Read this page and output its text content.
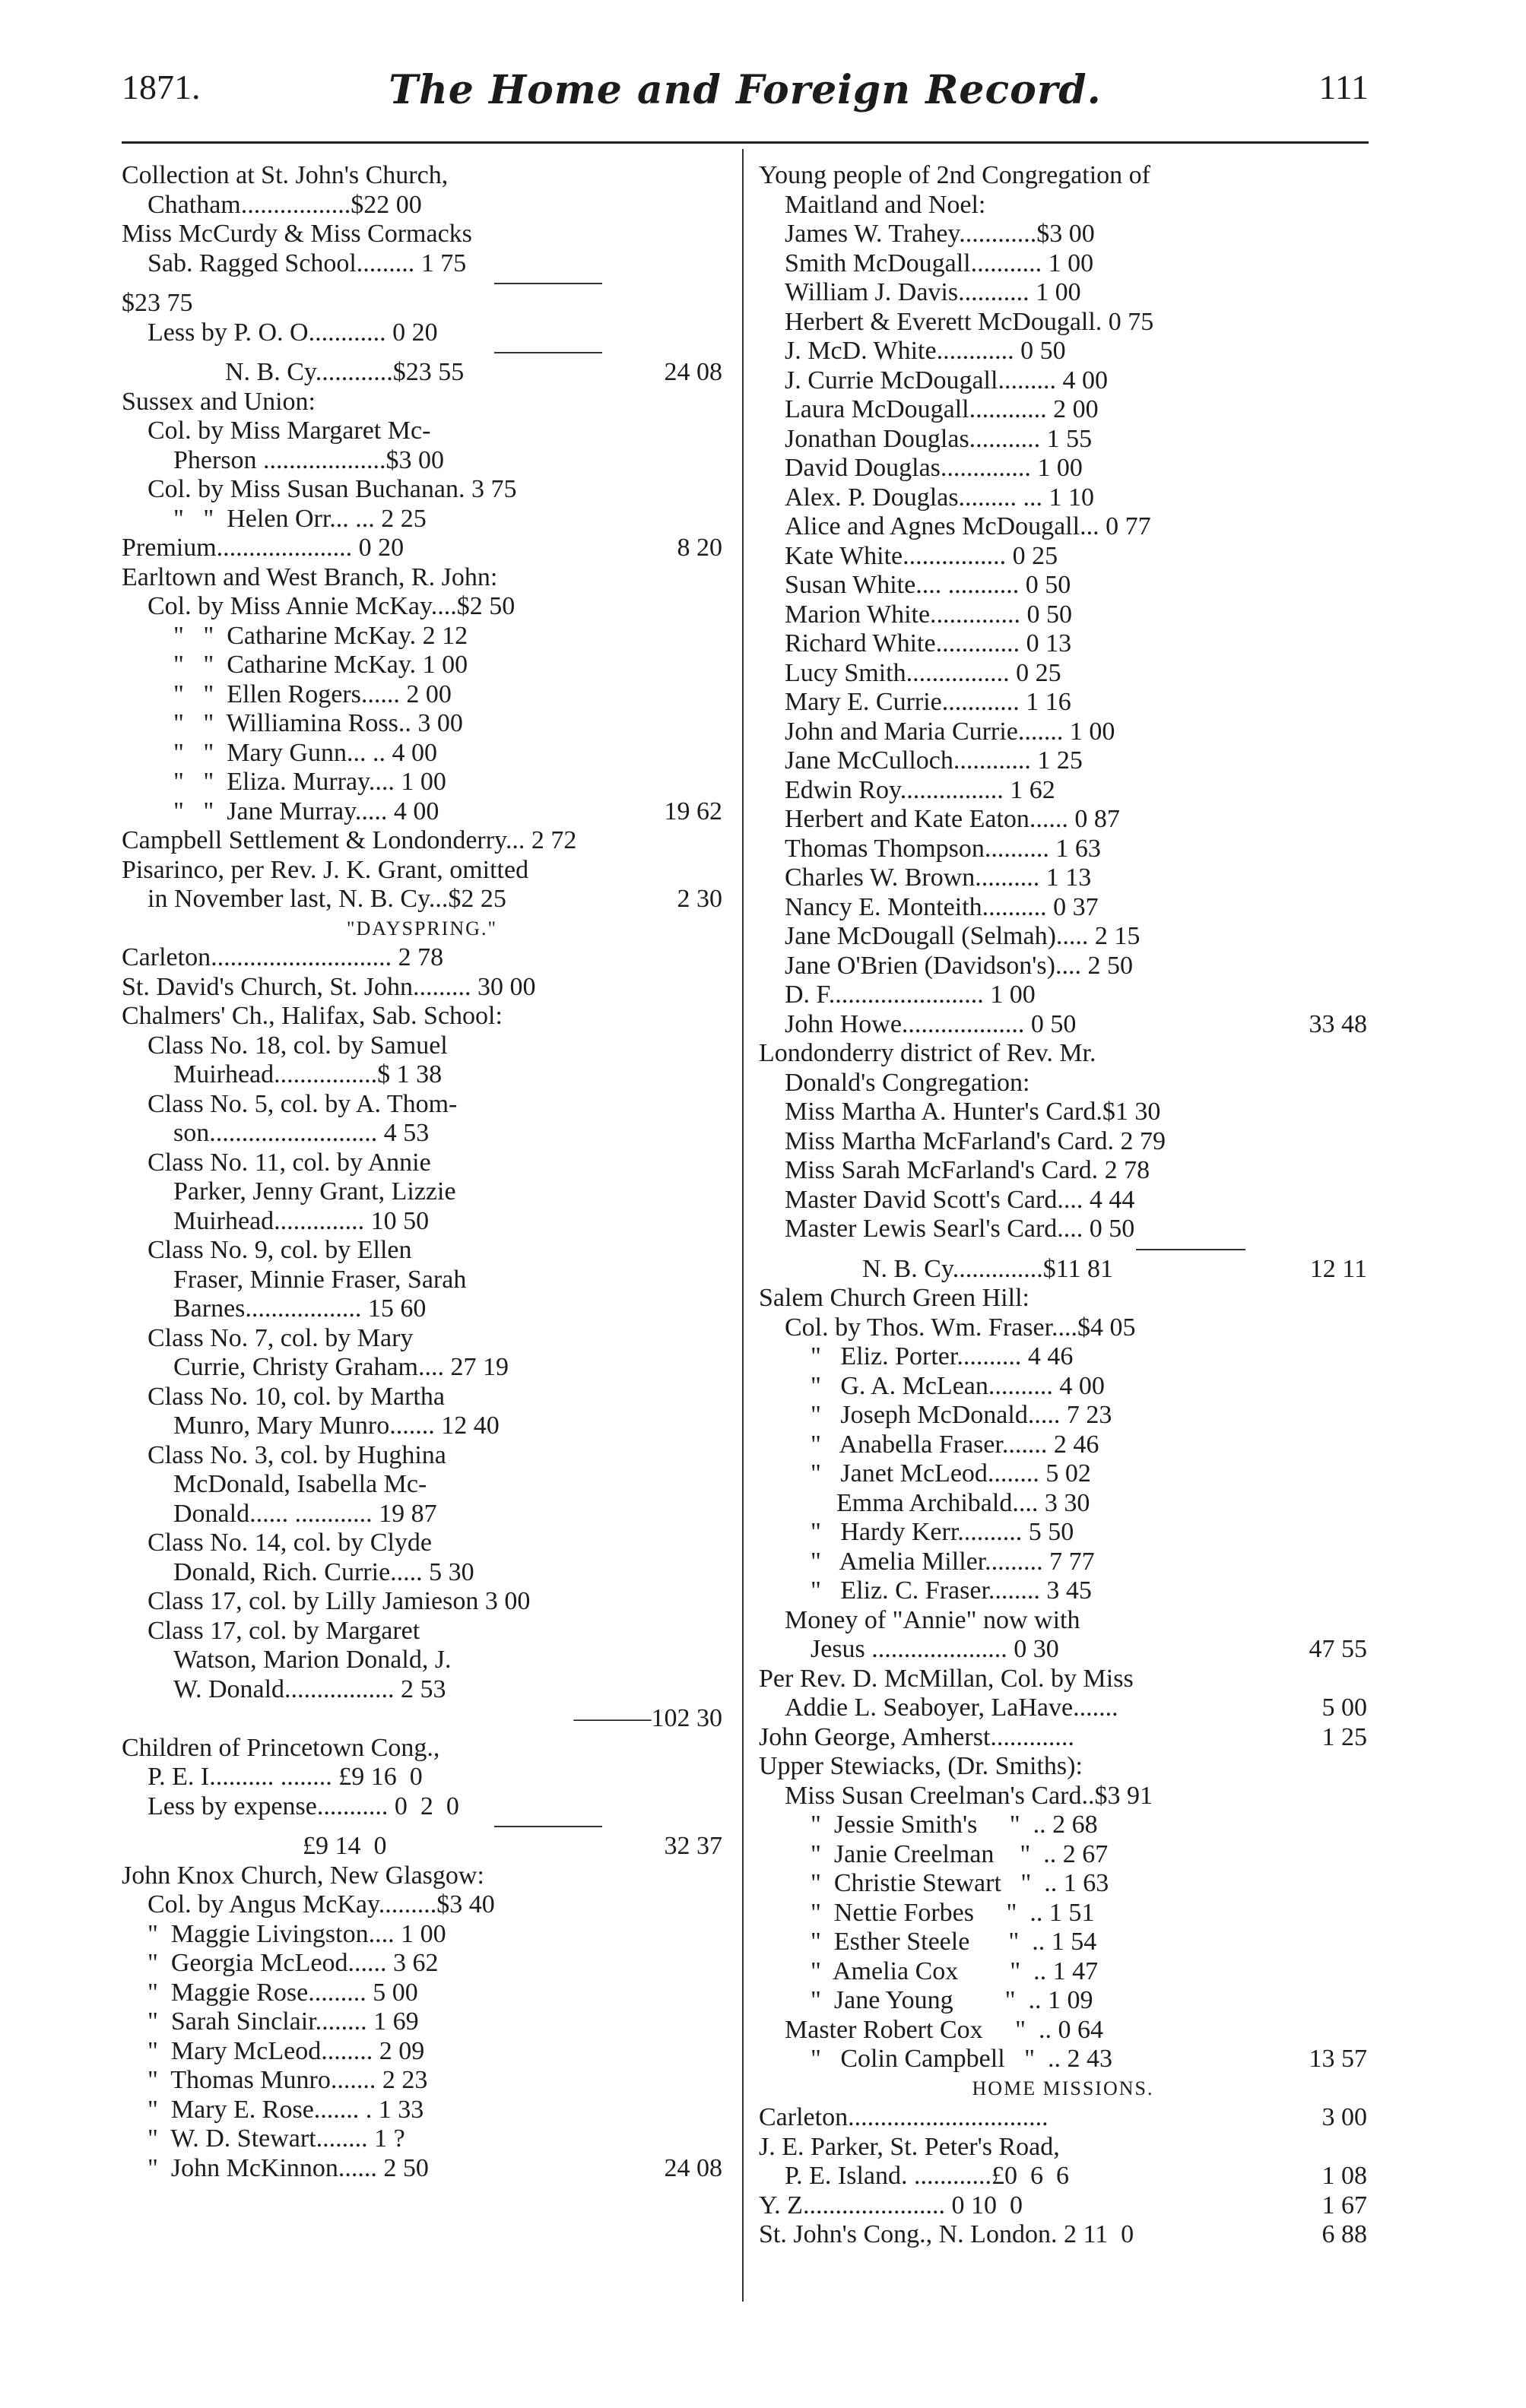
1871.	The Home and Foreign Record.	111
Collection at St. John's Church,
Chatham.................$22 00
Miss McCurdy & Miss Cormacks
Sab. Ragged School......... 1 75
$23 75
Less by P. O. O............ 0 20
N. B. Cy............$23 55	24 08
Sussex and Union:
Col. by Miss Margaret Mc-
Pherson ...................$3 00
Col. by Miss Susan Buchanan. 3 75
"   "  Helen Orr... ... 2 25
Premium..................... 0 20	8 20
Earltown and West Branch, R. John:
Col. by Miss Annie McKay....$2 50
"   "  Catharine McKay. 2 12
"   "  Catharine McKay. 1 00
"   "  Ellen Rogers...... 2 00
"   "  Williamina Ross.. 3 00
"   "  Mary Gunn... .. 4 00
"   "  Eliza. Murray.... 1 00
"   "  Jane Murray..... 4 00	19 62
Campbell Settlement & Londonderry... 2 72
Pisarinco, per Rev. J. K. Grant, omitted
in November last, N. B. Cy...$2 25	2 30
"DAYSPRING."
Carleton............................ 2 78
St. David's Church, St. John......... 30 00
Chalmers' Ch., Halifax, Sab. School:
Class No. 18, col. by Samuel
Muirhead................$ 1 38
Class No. 5, col. by A. Thom-
son.......................... 4 53
Class No. 11, col. by Annie
Parker, Jenny Grant, Lizzie
Muirhead.............. 10 50
Class No. 9, col. by Ellen
Fraser, Minnie Fraser, Sarah
Barnes.................. 15 60
Class No. 7, col. by Mary
Currie, Christy Graham.... 27 19
Class No. 10, col. by Martha
Munro, Mary Munro....... 12 40
Class No. 3, col. by Hughina
McDonald, Isabella Mc-
Donald...... ............ 19 87
Class No. 14, col. by Clyde
Donald, Rich. Currie..... 5 30
Class 17, col. by Lilly Jamieson 3 00
Class 17, col. by Margaret
Watson, Marion Donald, J.
W. Donald................. 2 53
———102 30
Children of Princetown Cong.,
P. E. I.......... ........ £9 16  0
Less by expense........... 0  2  0
£9 14  0	32 37
John Knox Church, New Glasgow:
Col. by Angus McKay.........$3 40
"  Maggie Livingston.... 1 00
"  Georgia McLeod...... 3 62
"  Maggie Rose......... 5 00
"  Sarah Sinclair........ 1 69
"  Mary McLeod........ 2 09
"  Thomas Munro....... 2 23
"  Mary E. Rose....... . 1 33
"  W. D. Stewart........ 1 ?
"  John McKinnon...... 2 50	24 08
Young people of 2nd Congregation of
Maitland and Noel:
James W. Trahey............$3 00
Smith McDougall........... 1 00
William J. Davis........... 1 00
Herbert & Everett McDougall. 0 75
J. McD. White............ 0 50
J. Currie McDougall......... 4 00
Laura McDougall............ 2 00
Jonathan Douglas........... 1 55
David Douglas.............. 1 00
Alex. P. Douglas......... ... 1 10
Alice and Agnes McDougall... 0 77
Kate White................ 0 25
Susan White.... ........... 0 50
Marion White.............. 0 50
Richard White............. 0 13
Lucy Smith................ 0 25
Mary E. Currie............ 1 16
John and Maria Currie....... 1 00
Jane McCulloch............ 1 25
Edwin Roy................ 1 62
Herbert and Kate Eaton...... 0 87
Thomas Thompson.......... 1 63
Charles W. Brown.......... 1 13
Nancy E. Monteith.......... 0 37
Jane McDougall (Selmah)..... 2 15
Jane O'Brien (Davidson's).... 2 50
D. F........................ 1 00
John Howe................... 0 50	33 48
Londonderry district of Rev. Mr.
Donald's Congregation:
Miss Martha A. Hunter's Card.$1 30
Miss Martha McFarland's Card. 2 79
Miss Sarah McFarland's Card. 2 78
Master David Scott's Card.... 4 44
Master Lewis Searl's Card.... 0 50
N. B. Cy..............$11 81	12 11
Salem Church Green Hill:
Col. by Thos. Wm. Fraser....$4 05
"   Eliz. Porter.......... 4 46
"   G. A. McLean.......... 4 00
"   Joseph McDonald..... 7 23
"   Anabella Fraser....... 2 46
"   Janet McLeod........ 5 02
Emma Archibald.... 3 30
"   Hardy Kerr.......... 5 50
"   Amelia Miller......... 7 77
"   Eliz. C. Fraser........ 3 45
Money of "Annie" now with
Jesus ..................... 0 30	47 55
Per Rev. D. McMillan, Col. by Miss
Addie L. Seaboyer, LaHave.......	5 00
John George, Amherst.............	1 25
Upper Stewiacks, (Dr. Smiths):
Miss Susan Creelman's Card..$3 91
"  Jessie Smith's     "  .. 2 68
"  Janie Creelman    "  .. 2 67
"  Christie Stewart   "  .. 1 63
"  Nettie Forbes     "  .. 1 51
"  Esther Steele      "  .. 1 54
"  Amelia Cox        "  .. 1 47
"  Jane Young        "  .. 1 09
Master Robert Cox     "  .. 0 64
"   Colin Campbell   "  .. 2 43	13 57
HOME MISSIONS.
Carleton...............................	3 00
J. E. Parker, St. Peter's Road,
P. E. Island. ............£0  6  6	1 08
Y. Z...................... 0 10  0	1 67
St. John's Cong., N. London. 2 11  0	6 88
